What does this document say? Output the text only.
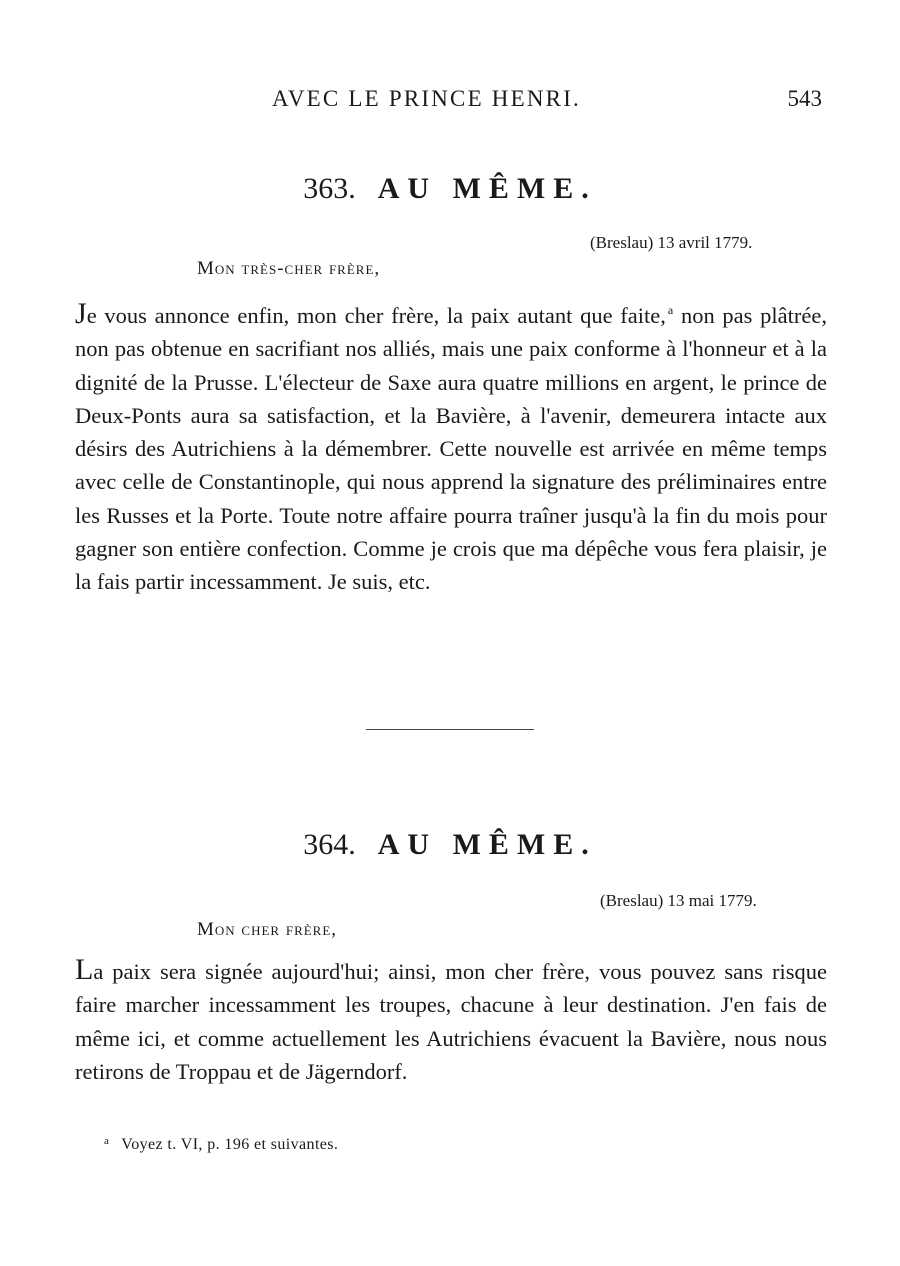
AVEC LE PRINCE HENRI.	543
363. AU MÊME.
(Breslau) 13 avril 1779.
Mon très-cher frère,
Je vous annonce enfin, mon cher frère, la paix autant que faite, $^a$ non pas plâtrée, non pas obtenue en sacrifiant nos alliés, mais une paix conforme à l'honneur et à la dignité de la Prusse. L'électeur de Saxe aura quatre millions en argent, le prince de Deux-Ponts aura sa satisfaction, et la Bavière, à l'avenir, demeurera intacte aux désirs des Autrichiens à la démembrer. Cette nouvelle est arrivée en même temps avec celle de Constantinople, qui nous apprend la signature des préliminaires entre les Russes et la Porte. Toute notre affaire pourra traîner jusqu'à la fin du mois pour gagner son entière confection. Comme je crois que ma dépêche vous fera plaisir, je la fais partir incessamment. Je suis, etc.
364. AU MÊME.
(Breslau) 13 mai 1779.
Mon cher frère,
La paix sera signée aujourd'hui; ainsi, mon cher frère, vous pouvez sans risque faire marcher incessamment les troupes, chacune à leur destination. J'en fais de même ici, et comme actuellement les Autrichiens évacuent la Bavière, nous nous retirons de Troppau et de Jägerndorf.
$^a$ Voyez t. VI, p. 196 et suivantes.
